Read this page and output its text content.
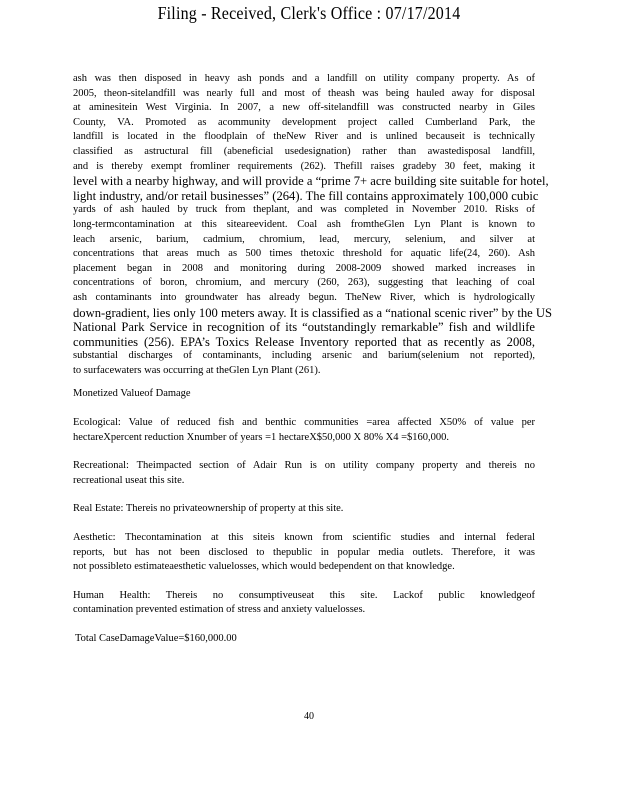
Filing - Received, Clerk's Office : 07/17/2014
ash was then disposed in heavy ash ponds and a landfill on utility company property. As of
2005, theon-sitelandfill was nearly full and most of theash was being hauled away for disposal
at aminesitein West Virginia. In 2007, a new off-sitelandfill was constructed nearby in Giles
County, VA. Promoted as acommunity development project called Cumberland Park, the
landfill is located in the floodplain of theNew River and is unlined becauseit is technically
classified as astructural fill (abeneficial usedesignation) rather than awastedisposal landfill,
and is thereby exempt fromliner requirements (262). Thefill raises gradeby 30 feet, making it
level with a nearby highway, and will provide a “prime 7+ acre building site suitable for hotel,
light industry, and/or retail businesses” (264). The fill contains approximately 100,000 cubic
yards of ash hauled by truck from theplant, and was completed in November 2010. Risks of
long-termcontamination at this siteareevident. Coal ash fromtheGlen Lyn Plant is known to
leach arsenic, barium, cadmium, chromium, lead, mercury, selenium, and silver at
concentrations that areas much as 500 times thetoxic threshold for aquatic life(24, 260). Ash
placement began in 2008 and monitoring during 2008-2009 showed marked increases in
concentrations of boron, chromium, and mercury (260, 263), suggesting that leaching of coal
ash contaminants into groundwater has already begun. TheNew River, which is hydrologically
down-gradient, lies only 100 meters away. It is classified as a “national scenic river” by the US
National Park Service in recognition of its “outstandingly remarkable” fish and wildlife
communities (256). EPA’s Toxics Release Inventory reported that as recently as 2008,
substantial discharges of contaminants, including arsenic and barium(selenium not reported),
to surfacewaters was occurring at theGlen Lyn Plant (261).
Monetized Valueof Damage
Ecological: Value of reduced fish and benthic communities =area affected X50% of value per
hectareXpercent reduction Xnumber of years =1 hectareX$50,000 X 80% X4 =$160,000.
Recreational: Theimpacted section of Adair Run is on utility company property and thereis no
recreational useat this site.
Real Estate: Thereis no privateownership of property at this site.
Aesthetic: Thecontamination at this siteis known from scientific studies and internal federal
reports, but has not been disclosed to thepublic in popular media outlets. Therefore, it was
not possibleto estimateaesthetic valuelosses, which would bedependent on that knowledge.
Human Health: Thereis no consumptiveuseat this site. Lackof public knowledgeof
contamination prevented estimation of stress and anxiety valuelosses.
Total CaseDamageValue=$160,000.00
40
